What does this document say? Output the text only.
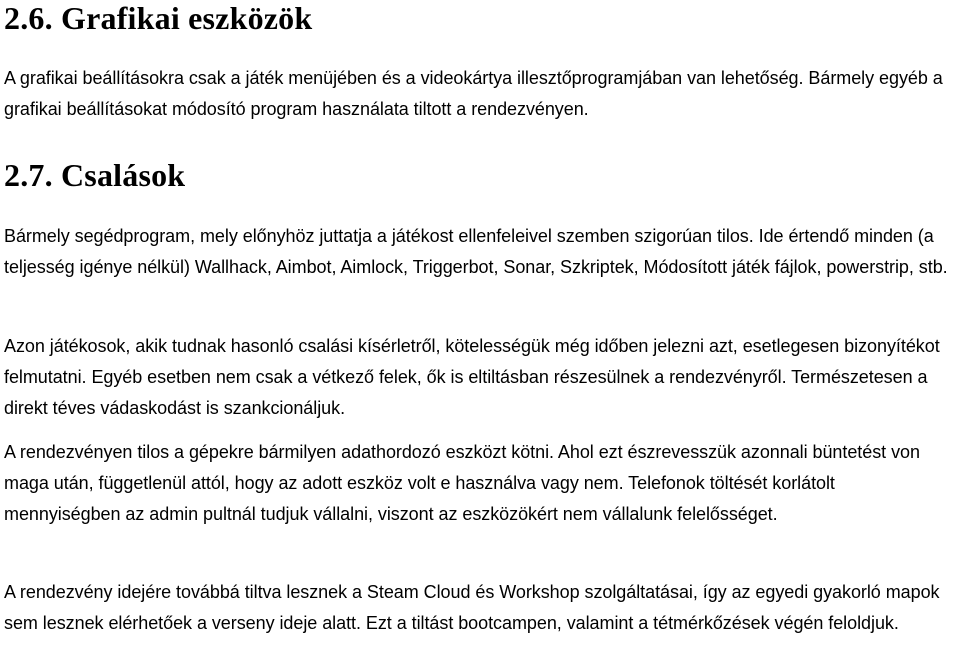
2.6. Grafikai eszközök

A grafikai beállításokra csak a játék menüjében és a videokártya illesztőprogramjában van lehetőség. Bármely egyéb a grafikai beállításokat módosító program használata tiltott a rendezvényen.

2.7. Csalások

Bármely segédprogram, mely előnyhöz juttatja a játékost ellenfeleivel szemben szigorúan tilos. Ide értendő minden (a teljesség igénye nélkül) Wallhack, Aimbot, Aimlock, Triggerbot, Sonar, Szkriptek, Módosított játék fájlok, powerstrip, stb.

Azon játékosok, akik tudnak hasonló csalási kísérletről, kötelességük még időben jelezni azt, esetlegesen bizonyítékot felmutatni. Egyéb esetben nem csak a vétkező felek, ők is eltiltásban részesülnek a rendezvényről. Természetesen a direkt téves vádaskodást is szankcionáljuk.

A rendezvényen tilos a gépekre bármilyen adathordozó eszközt kötni. Ahol ezt észrevesszük azonnali büntetést von maga után, függetlenül attól, hogy az adott eszköz volt e használva vagy nem. Telefonok töltését korlátolt mennyiségben az admin pultnál tudjuk vállalni, viszont az eszközökért nem vállalunk felelősséget.

A rendezvény idejére továbbá tiltva lesznek a Steam Cloud és Workshop szolgáltatásai, így az egyedi gyakorló mapok sem lesznek elérhetőek a verseny ideje alatt. Ezt a tiltást bootcampen, valamint a tétmérkőzések végén feloldjuk.
